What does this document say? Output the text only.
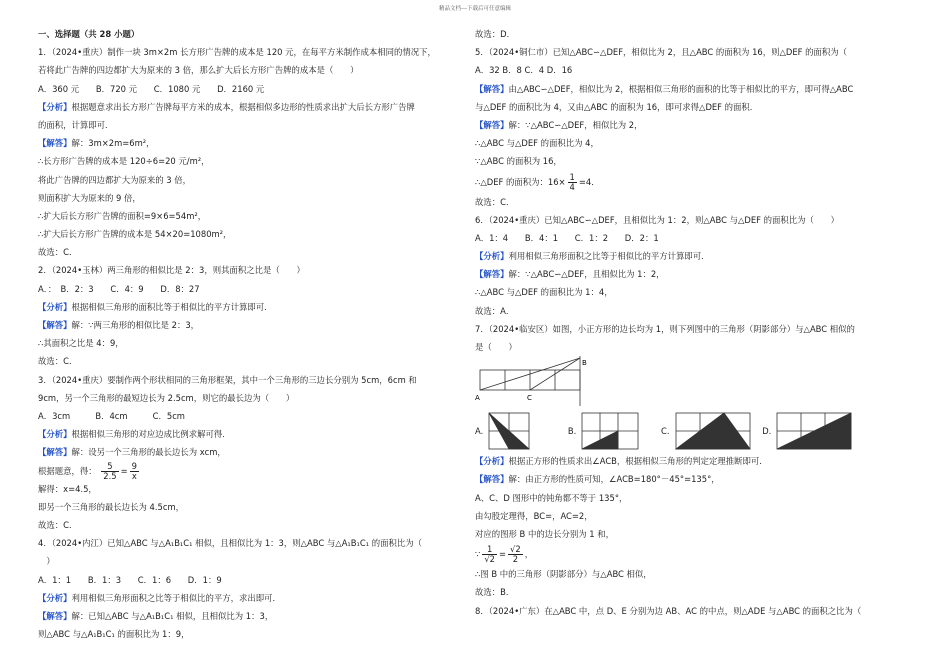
精品文档---下载后可任意编辑
一、选择题（共 28 小题）
1．（2024•重庆）制作一块 3m×2m 长方形广告牌的成本是 120 元，在每平方米制作成本相同的情况下，
若将此广告牌的四边都扩大为原来的 3 倍，那么扩大后长方形广告牌的成本是（　　）
A．360 元　　B．720 元　　C．1080 元　　D．2160 元
【分析】根据题意求出长方形广告牌每平方米的成本，根据相似多边形的性质求出扩大后长方形广告牌
的面积，计算即可．
【解答】解：3m×2m=6m²，
∴长方形广告牌的成本是 120÷6=20 元/m²，
将此广告牌的四边都扩大为原来的 3 倍，
则面积扩大为原来的 9 倍，
∴扩大后长方形广告牌的面积=9×6=54m²，
∴扩大后长方形广告牌的成本是 54×20=1080m²，
故选：C．
2．（2024•玉林）两三角形的相似比是 2：3，则其面积之比是（　　）
A．：　B．2：3　　C．4：9　　D．8：27
【分析】根据相似三角形的面积比等于相似比的平方计算即可．
【解答】解：∵两三角形的相似比是 2：3，
∴其面积之比是 4：9，
故选：C．
3．（2024•重庆）要制作两个形状相同的三角形框架，其中一个三角形的三边长分别为 5cm，6cm 和
9cm，另一个三角形的最短边长为 2.5cm，则它的最长边为（　　）
A．3cm　　　B．4cm　　　C．5cm
【分析】根据相似三角形的对应边成比例求解可得．
【解答】解：设另一个三角形的最长边长为 xcm，
根据题意，得： $\frac{5}{2.5} = \frac{9}{x}$
解得：x=4.5，
即另一个三角形的最长边长为 4.5cm，
故选：C．
4．（2024•内江）已知△ABC 与△A₁B₁C₁ 相似，且相似比为 1：3，则△ABC 与△A₁B₁C₁ 的面积比为（
　）
A．1：1　　B．1：3　　C．1：6　　D．1：9
【分析】利用相似三角形面积之比等于相似比的平方，求出即可．
【解答】解：已知△ABC 与△A₁B₁C₁ 相似，且相似比为 1：3，
则△ABC 与△A₁B₁C₁ 的面积比为 1：9，
故选：D．
5．（2024•铜仁市）已知△ABC∽△DEF，相似比为 2，且△ABC 的面积为 16，则△DEF 的面积为（
A．32 B．8 C．4 D．16
【解答】由△ABC∽△DEF，相似比为 2，根据相似三角形的面积的比等于相似比的平方，即可得△ABC
与△DEF 的面积比为 4，又由△ABC 的面积为 16，即可求得△DEF 的面积．
【解答】解：∵△ABC∽△DEF，相似比为 2，
∴△ABC 与△DEF 的面积比为 4，
∵△ABC 的面积为 16，
∴△DEF 的面积为：$16\times \frac{1}{4} =4$．
故选：C．
6．（2024•重庆）已知△ABC∽△DEF，且相似比为 1：2，则△ABC 与△DEF 的面积比为（　　）
A．1：4　　B．4：1　　C．1：2　　D．2：1
【分析】利用相似三角形面积之比等于相似比的平方计算即可．
【解答】解：∵△ABC∽△DEF，且相似比为 1：2，
∴△ABC 与△DEF 的面积比为 1：4，
故选：A．
7．（2024•临安区）如图，小正方形的边长均为 1，则下列图中的三角形（阴影部分）与△ABC 相似的
是（　　）
A	C
B
A.	B.	C.	D.
【分析】根据正方形的性质求出∠ACB，根据相似三角形的判定定理推断即可．
【解答】解：由正方形的性质可知，∠ACB=180°－45°=135°，
A、C、D 图形中的钝角都不等于 135°，
由勾股定理得，BC=，AC=2，
对应的图形 B 中的边长分别为 1 和，
∵ $\frac{1}{√2} = \frac{√2}{2}$ ，
∴图 B 中的三角形（阴影部分）与△ABC 相似，
故选：B．
8．（2024•广东）在△ABC 中，点 D、E 分别为边 AB、AC 的中点，则△ADE 与△ABC 的面积之比为（
